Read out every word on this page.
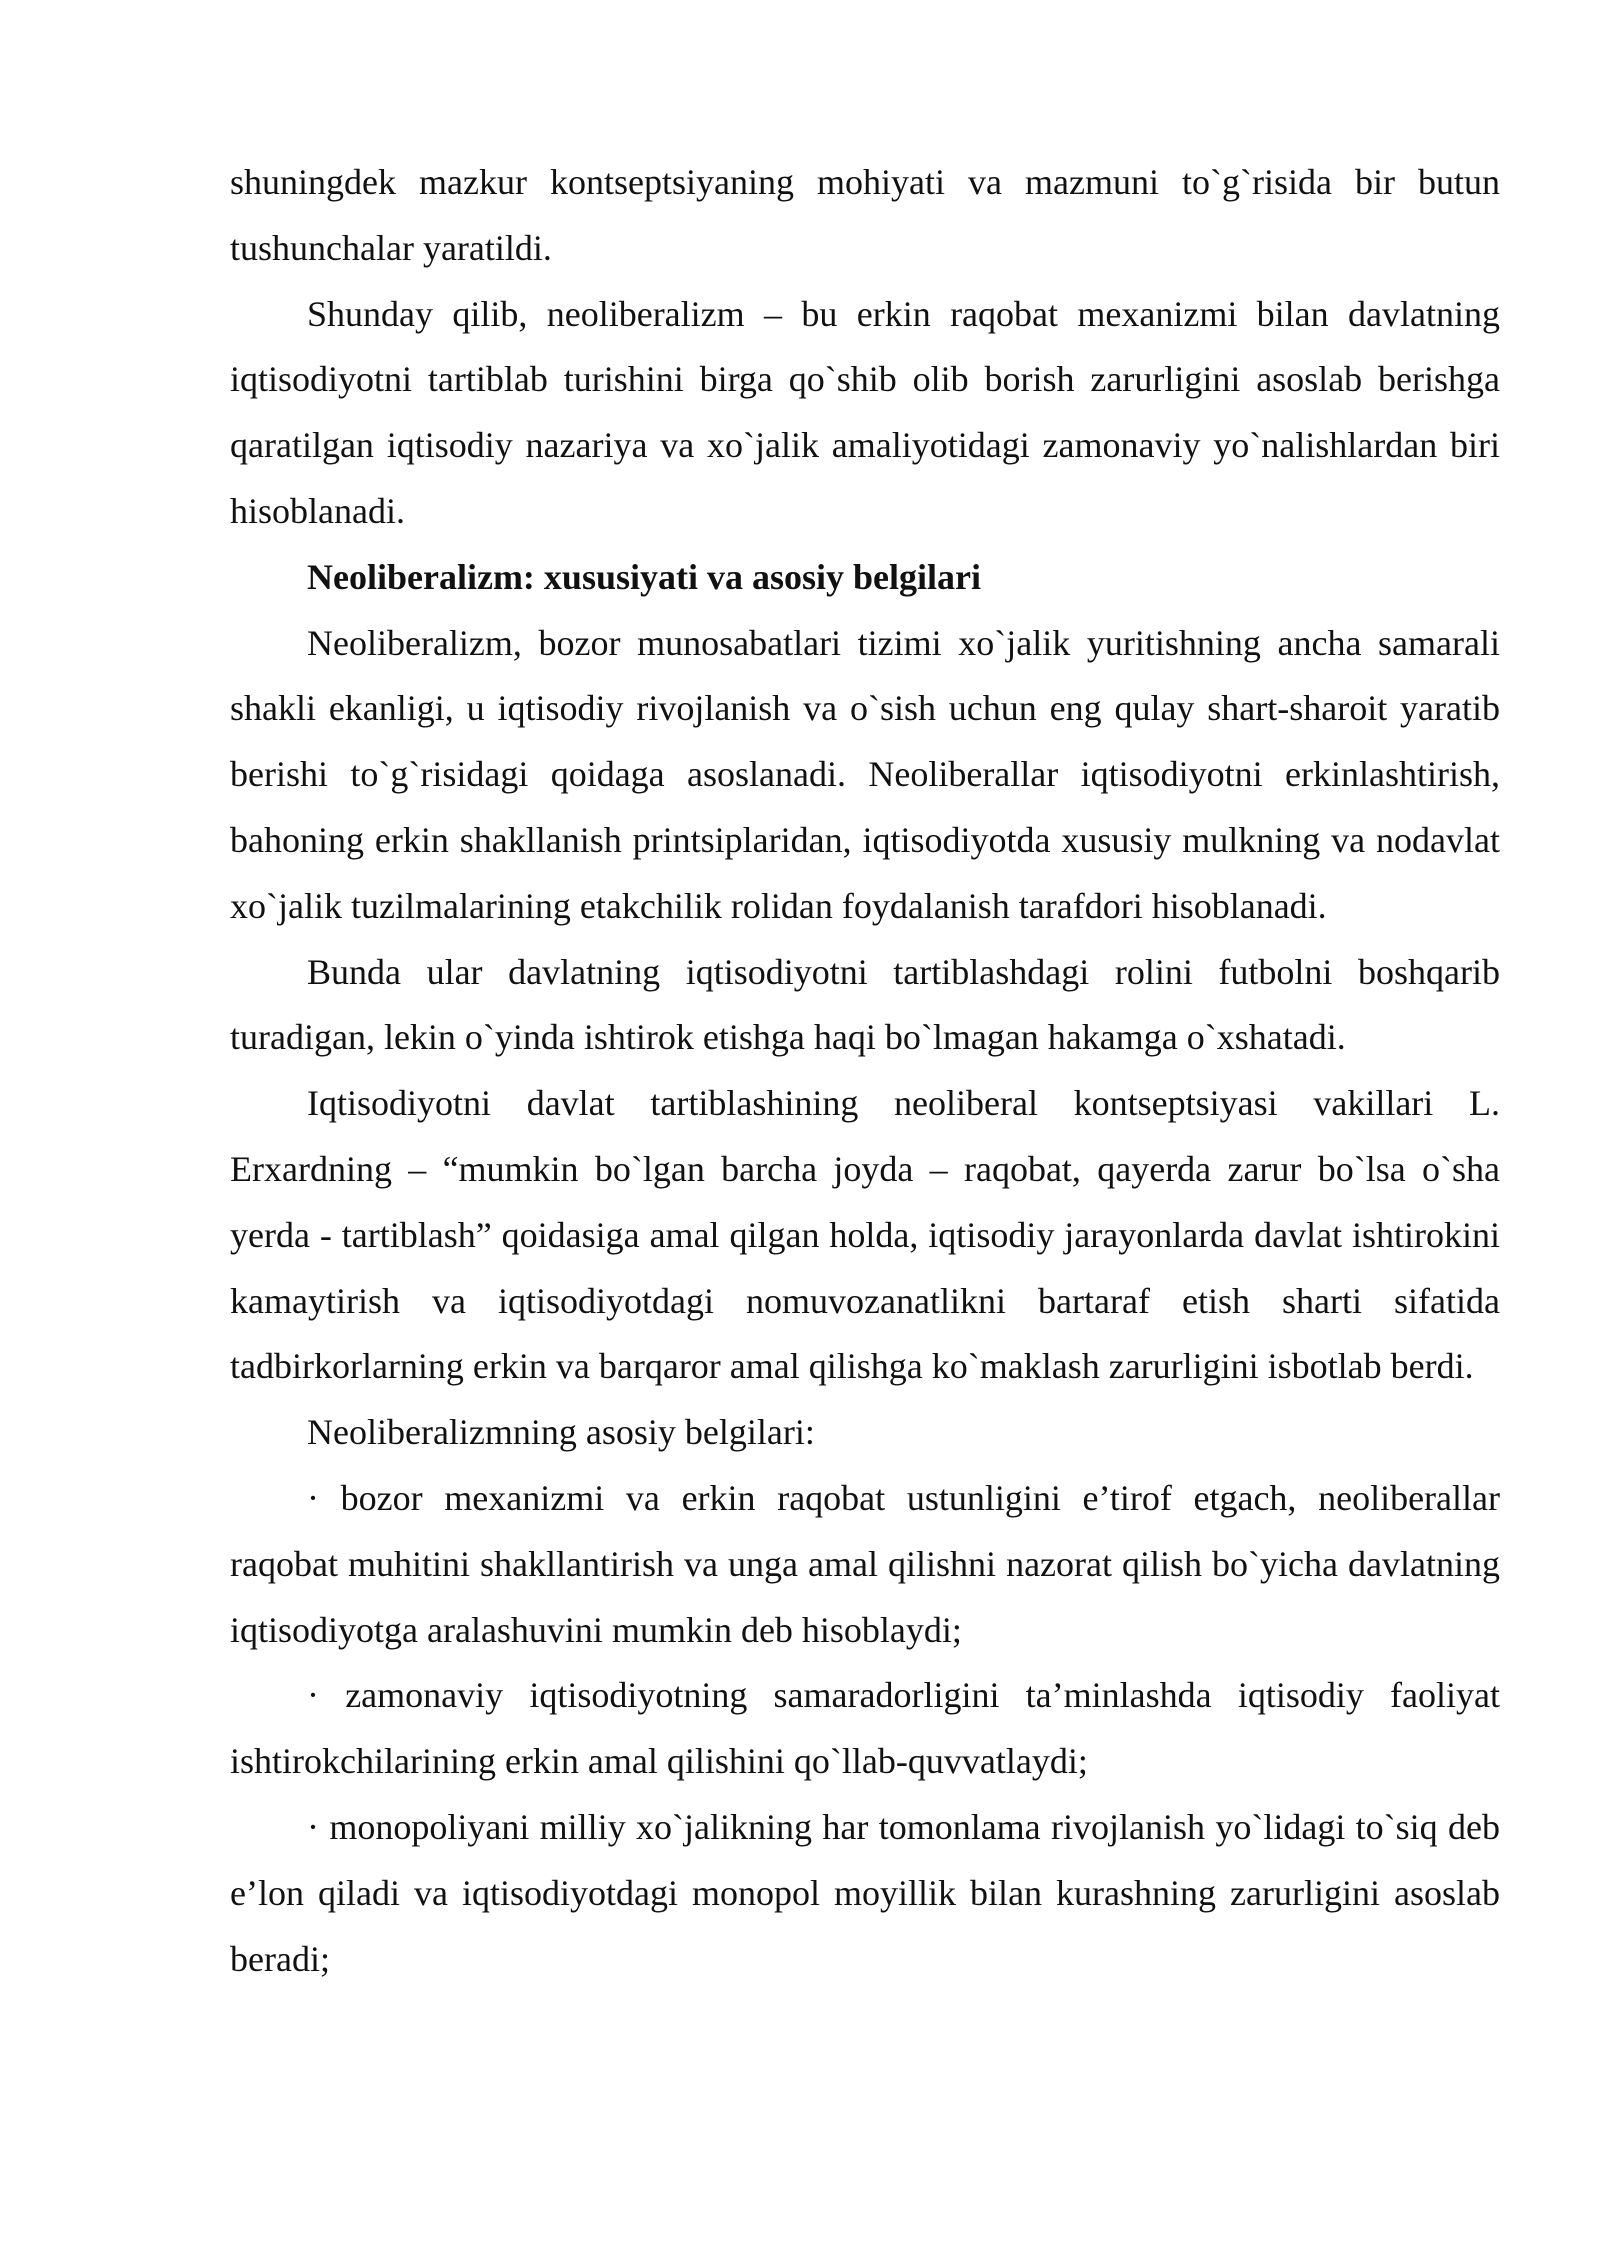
shuningdek mazkur kontseptsiyaning mohiyati va mazmuni to`g`risida bir butun tushunchalar yaratildi.

Shunday qilib, neoliberalizm – bu erkin raqobat mexanizmi bilan davlatning iqtisodiyotni tartiblab turishini birga qo`shib olib borish zarurligini asoslab berishga qaratilgan iqtisodiy nazariya va xo`jalik amaliyotidagi zamonaviy yo`nalishlardan biri hisoblanadi.

Neoliberalizm: xususiyati va asosiy belgilari

Neoliberalizm, bozor munosabatlari tizimi xo`jalik yuritishning ancha samarali shakli ekanligi, u iqtisodiy rivojlanish va o`sish uchun eng qulay shart-sharoit yaratib berishi to`g`risidagi qoidaga asoslanadi. Neoliberallar iqtisodiyotni erkinlashtirish, bahoning erkin shakllanish printsiplaridan, iqtisodiyotda xususiy mulkning va nodavlat xo`jalik tuzilmalarining etakchilik rolidan foydalanish tarafdori hisoblanadi.

Bunda ular davlatning iqtisodiyotni tartiblashdagi rolini futbolni boshqarib turadigan, lekin o`yinda ishtirok etishga haqi bo`lmagan hakamga o`xshatadi.

Iqtisodiyotni davlat tartiblashining neoliberal kontseptsiyasi vakillari L. Erxardning – “mumkin bo`lgan barcha joyda – raqobat, qayerda zarur bo`lsa o`sha yerda - tartiblash” qoidasiga amal qilgan holda, iqtisodiy jarayonlarda davlat ishtirokini kamaytirish va iqtisodiyotdagi nomuvozanatlikni bartaraf etish sharti sifatida tadbirkorlarning erkin va barqaror amal qilishga ko`maklash zarurligini isbotlab berdi.

Neoliberalizmning asosiy belgilari:

· bozor mexanizmi va erkin raqobat ustunligini e’tirof etgach, neoliberallar raqobat muhitini shakllantirish va unga amal qilishni nazorat qilish bo`yicha davlatning iqtisodiyotga aralashuvini mumkin deb hisoblaydi;

· zamonaviy iqtisodiyotning samaradorligini ta’minlashda iqtisodiy faoliyat ishtirokchilarining erkin amal qilishini qo`llab-quvvatlaydi;

· monopoliyani milliy xo`jalikning har tomonlama rivojlanish yo`lidagi to`siq deb e’lon qiladi va iqtisodiyotdagi monopol moyillik bilan kurashning zarurligini asoslab beradi;
